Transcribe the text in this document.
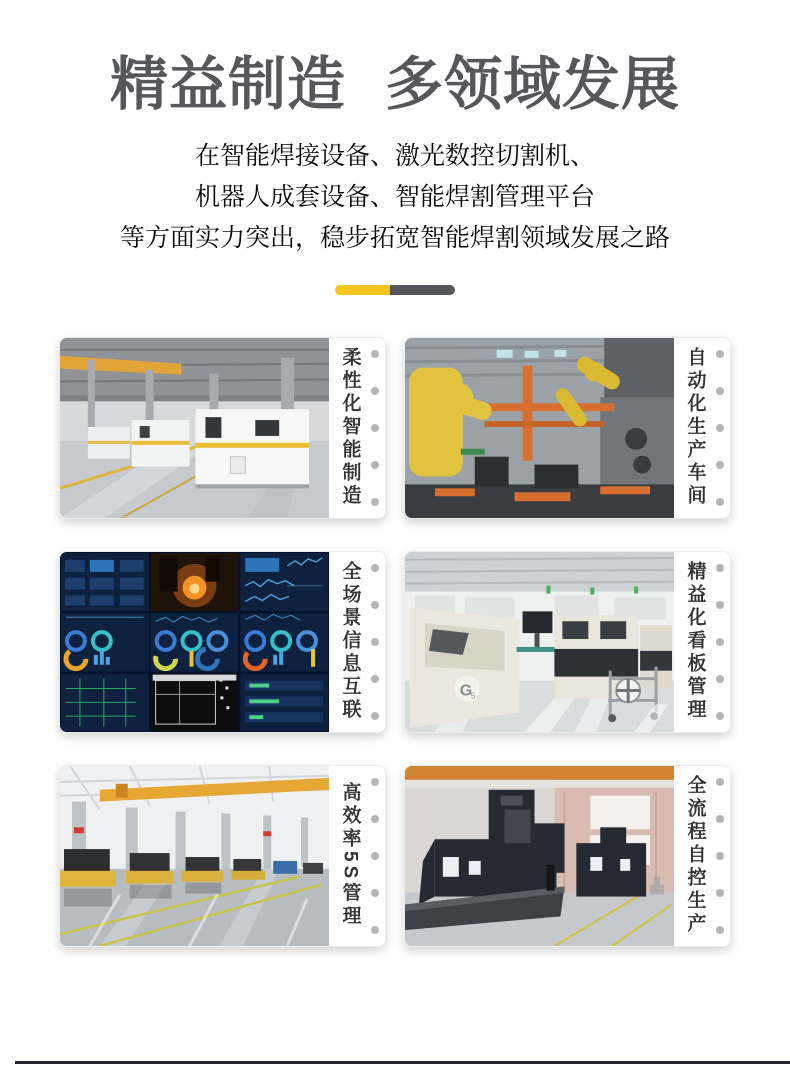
精益制造 多领域发展
在智能焊接设备、激光数控切割机、
机器人成套设备、智能焊割管理平台
等方面实力突出，稳步拓宽智能焊割领域发展之路
柔性化智能制造	自动化生产车间
全场景信息互联	G
5	精益化看板管理
高效率5S管理	全流程自控生产
